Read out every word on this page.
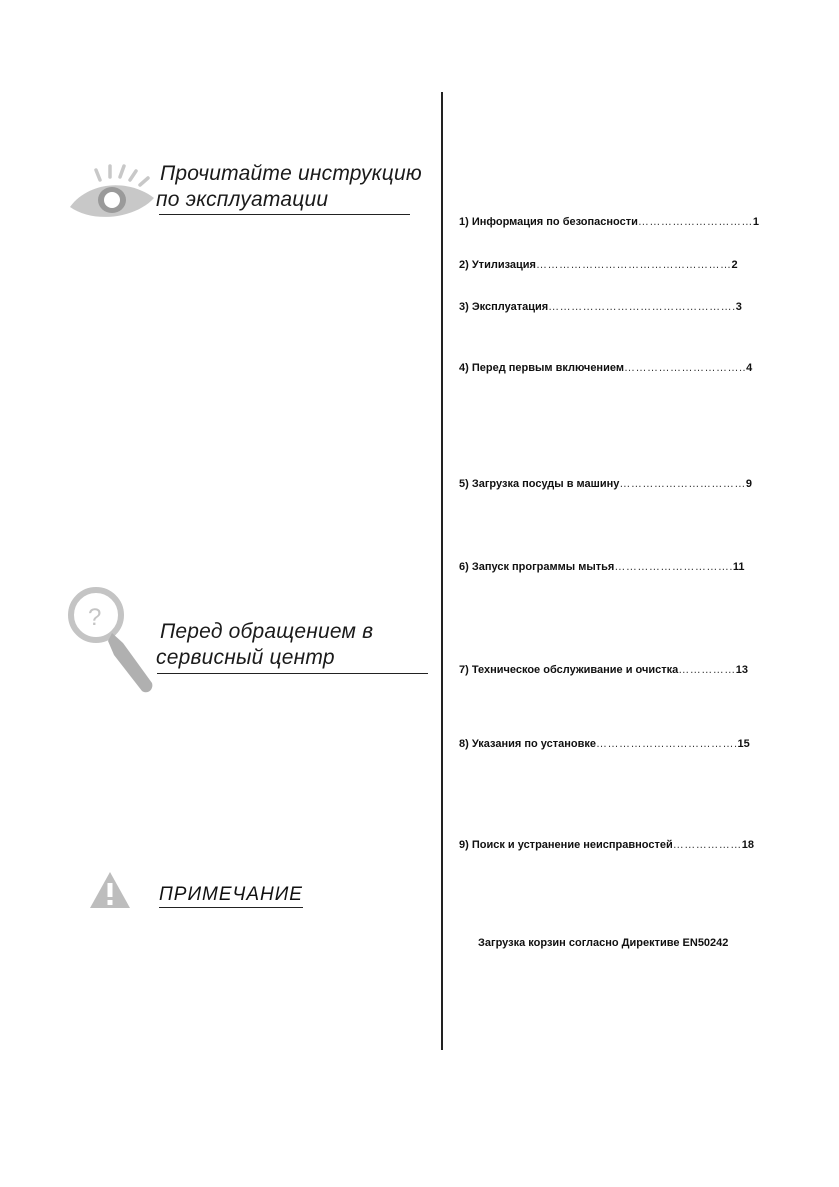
Прочитайте инструкцию
по эксплуатации
?
Перед обращением в
сервисный центр
ПРИМЕЧАНИЕ
1) Информация по безопасности…………………………1
2) Утилизация……………………………………………2
3) Эксплуатация………………………………………….3
4) Перед первым включением…………………………..4
5) Загрузка посуды в машину……………………………9
6) Запуск программы мытья………………………….11
7) Техническое обслуживание и очистка……………13
8) Указания по установке……………………………….15
9) Поиск и устранение неисправностей………………18
Загрузка корзин согласно Директиве EN50242
